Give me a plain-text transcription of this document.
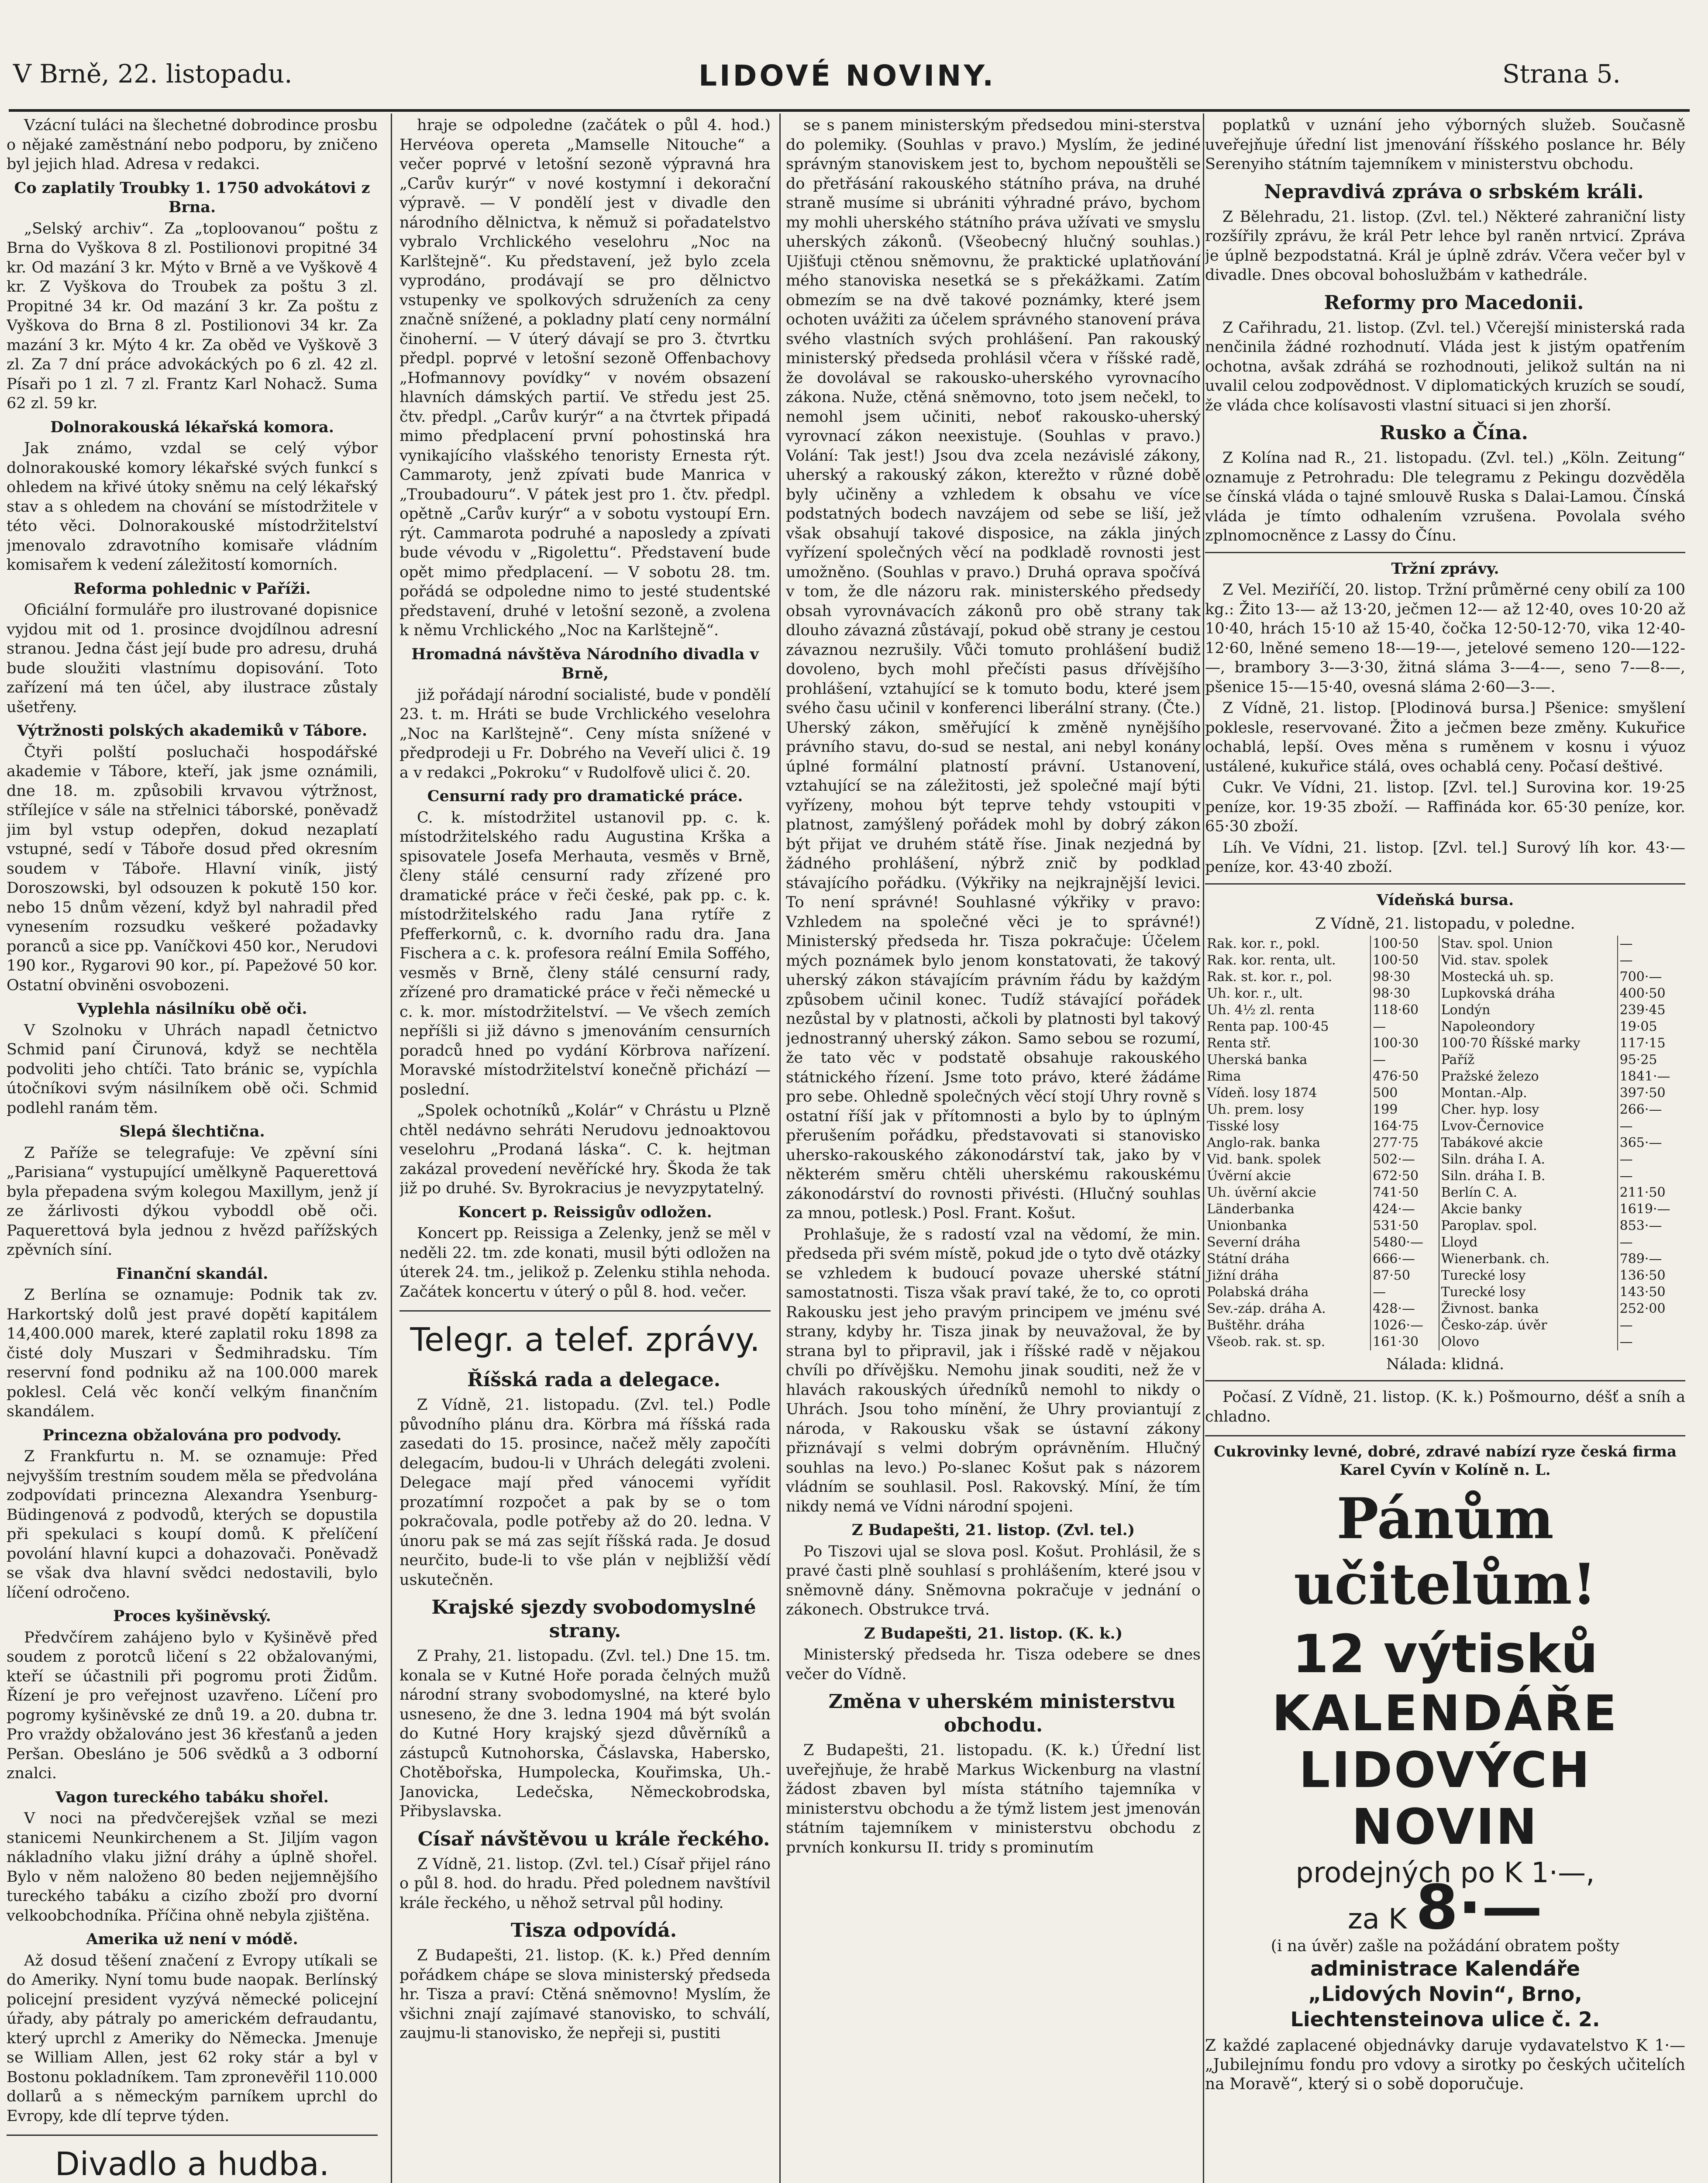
V Brně, 22. listopadu.	LIDOVÉ NOVINY.	Strana 5.

Vzácní tuláci na šlechetné dobrodince prosbu o nějaké zaměstnání nebo podporu, by zničeno byl jejich hlad. Adresa v redakci.

Co zaplatily Troubky 1. 1750 advokátovi z Brna.

„Selský archiv“. Za „toploovanou“ poštu z Brna do Vyškova 8 zl. Postilionovi propitné 34 kr. Od mazání 3 kr. Mýto v Brně a ve Vyškově 4 kr. Z Vyškova do Troubek za poštu 3 zl. Propitné 34 kr. Od mazání 3 kr. Za poštu z Vyškova do Brna 8 zl. Postilionovi 34 kr. Za mazání 3 kr. Mýto 4 kr. Za oběd ve Vyškově 3 zl. Za 7 dní práce advokáckých po 6 zl. 42 zl. Písaři po 1 zl. 7 zl. Frantz Karl Nohacž. Suma 62 zl. 59 kr.

Dolnorakouská lékařská komora.

Jak známo, vzdal se celý výbor dolnorakouské komory lékařské svých funkcí s ohledem na křivé útoky sněmu na celý lékařský stav a s ohledem na chování se místodržitele v této věci. Dolnorakouské místodržitelství jmenovalo zdravotního komisaře vládním komisařem k vedení záležitostí komorních.

Reforma pohlednic v Paříži.

Oficiální formuláře pro ilustrované dopisnice vyjdou mit od 1. prosince dvojdílnou adresní stranou. Jedna část její bude pro adresu, druhá bude sloužiti vlastnímu dopisování. Toto zařízení má ten účel, aby ilustrace zůstaly ušetřeny.

Výtržnosti polských akademiků v Tábore.

Čtyři polští posluchači hospodářské akademie v Tábore, kteří, jak jsme oznámili, dne 18. m. způsobili krvavou výtržnost, střílejíce v sále na střelnici táborské, poněvadž jim byl vstup odepřen, dokud nezaplatí vstupné, sedí v Táboře dosud před okresním soudem v Táboře. Hlavní viník, jistý Doroszowski, byl odsouzen k pokutě 150 kor. nebo 15 dnům vězení, když byl nahradil před vynesením rozsudku veškeré požadavky poranců a sice pp. Vaníčkovi 450 kor., Nerudovi 190 kor., Rygarovi 90 kor., pí. Papežové 50 kor. Ostatní obviněni osvobozeni.

Vyplehla násilníku obě oči.

V Szolnoku v Uhrách napadl četnictvo Schmid paní Čirunová, když se nechtěla podvoliti jeho chtíči. Tato bránic se, vypíchla útočníkovi svým násilníkem obě oči. Schmid podlehl ranám těm.

Slepá šlechtična.

Z Paříže se telegrafuje: Ve zpěvní síni „Parisiana“ vystupující umělkyně Paquerettová byla přepadena svým kolegou Maxillym, jenž jí ze žárlivosti dýkou vyboddl obě oči. Paquerettová byla jednou z hvězd pařížských zpěvních síní.

Finanční skandál.

Z Berlína se oznamuje: Podnik tak zv. Harkortský dolů jest pravé dopětí kapitálem 14,400.000 marek, které zaplatil roku 1898 za čisté doly Muszari v Šedmihradsku. Tím reservní fond podniku až na 100.000 marek poklesl. Celá věc končí velkým finančním skandálem.

Princezna obžalována pro podvody.

Z Frankfurtu n. M. se oznamuje: Před nejvyšším trestním soudem měla se předvolána zodpovídati princezna Alexandra Ysenburg-Büdingenová z podvodů, kterých se dopustila při spekulaci s koupí domů. K přelíčení povolání hlavní kupci a dohazovači. Poněvadž se však dva hlavní svědci nedostavili, bylo líčení odročeno.

Proces kyšiněvský.

Předvčírem zahájeno bylo v Kyšiněvě před soudem z porotců ličení s 22 obžalovanými, kteří se účastnili při pogromu proti Židům. Řízení je pro veřejnost uzavřeno. Líčení pro pogromy kyšiněvské ze dnů 19. a 20. dubna tr. Pro vraždy obžalováno jest 36 křesťanů a jeden Peršan. Obesláno je 506 svědků a 3 odborní znalci.

Vagon tureckého tabáku shořel.

V noci na předvčerejšek vzňal se mezi stanicemi Neunkirchenem a St. Jiljím vagon nákladního vlaku jižní dráhy a úplně shořel. Bylo v něm naloženo 80 beden nejjemnějšího tureckého tabáku a cizího zboží pro dvorní velkoobchodníka. Příčina ohně nebyla zjištěna.

Amerika už není v módě.

Až dosud těšení značení z Evropy utíkali se do Ameriky. Nyní tomu bude naopak. Berlínský policejní president vyzývá německé policejní úřady, aby pátraly po americkém defraudantu, který uprchl z Ameriky do Německa. Jmenuje se William Allen, jest 62 roky stár a byl v Bostonu pokladníkem. Tam zpronevěřil 110.000 dollarů a s německým parníkem uprchl do Evropy, kde dlí teprve týden.

Divadlo a hudba.

hraje se odpoledne (začátek o půl 4. hod.) Hervéova opereta „Mamselle Nitouche“ a večer poprvé v letošní sezoně výpravná hra „Carův kurýr“ v nové kostymní i dekorační výpravě. — V pondělí jest v divadle den národního dělnictva, k němuž si pořadatelstvo vybralo Vrchlického veselohru „Noc na Karlštejně“. Ku představení, jež bylo zcela vyprodáno, prodávají se pro dělnictvo vstupenky ve spolkových sdruženích za ceny značně snížené, a pokladny platí ceny normální činoherní. — V úterý dávají se pro 3. čtvrtku předpl. poprvé v letošní sezoně Offenbachovy „Hofmannovy povídky“ v novém obsazení hlavních dámských partií. Ve středu jest 25. čtv. předpl. „Carův kurýr“ a na čtvrtek připadá mimo předplacení první pohostinská hra vynikajícího vlašského tenoristy Ernesta rýt. Cammaroty, jenž zpívati bude Manrica v „Troubadouru“. V pátek jest pro 1. čtv. předpl. opětně „Carův kurýr“ a v sobotu vystoupí Ern. rýt. Cammarota podruhé a naposledy a zpívati bude vévodu v „Rigolettu“. Představení bude opět mimo předplacení. — V sobotu 28. tm. pořádá se odpoledne nimo to jesté studentské představení, druhé v letošní sezoně, a zvolena k němu Vrchlického „Noc na Karlštejně“.

Hromadná návštěva Národního divadla v Brně,

již pořádají národní socialisté, bude v pondělí 23. t. m. Hráti se bude Vrchlického veselohra „Noc na Karlštejně“. Ceny místa snížené v předprodeji u Fr. Dobrého na Veveří ulici č. 19 a v redakci „Pokroku“ v Rudolfově ulici č. 20.

Censurní rady pro dramatické práce.

C. k. místodržitel ustanovil pp. c. k. místodržitelského radu Augustina Krška a spisovatele Josefa Merhauta, vesměs v Brně, členy stálé censurní rady zřízené pro dramatické práce v řeči české, pak pp. c. k. místodržitelského radu Jana rytíře z Pfefferkornů, c. k. dvorního radu dra. Jana Fischera a c. k. profesora reální Emila Soffého, vesměs v Brně, členy stálé censurní rady, zřízené pro dramatické práce v řeči německé u c. k. mor. místodržitelství. — Ve všech zemích nepříšli si již dávno s jmenováním censurních poradců hned po vydání Körbrova nařízení. Moravské místodržitelství konečně přichází — poslední.

„Spolek ochotníků „Kolár“ v Chrástu u Plzně chtěl nedávno sehráti Nerudovu jednoaktovou veselohru „Prodaná láska“. C. k. hejtman zakázal provedení nevěřícké hry. Škoda že tak již po druhé. Sv. Byrokracius je nevyzpytatelný.

Koncert p. Reissigův odložen.

Koncert pp. Reissiga a Zelenky, jenž se měl v neděli 22. tm. zde konati, musil býti odložen na úterek 24. tm., jelikož p. Zelenku stihla nehoda. Začátek koncertu v úterý o půl 8. hod. večer.

Telegr. a telef. zprávy.

Říšská rada a delegace.

Z Vídně, 21. listopadu. (Zvl. tel.) Podle původního plánu dra. Körbra má říšská rada zasedati do 15. prosince, načež měly započíti delegacím, budou-li v Uhrách delegáti zvoleni. Delegace mají před vánocemi vyřídit prozatímní rozpočet a pak by se o tom pokračovala, podle potřeby až do 20. ledna. V únoru pak se má zas sejít říšská rada. Je dosud neurčito, bude-li to vše plán v nejbližší vědí uskutečněn.

Krajské sjezdy svobodomyslné strany.

Z Prahy, 21. listopadu. (Zvl. tel.) Dne 15. tm. konala se v Kutné Hoře porada čelných mužů národní strany svobodomyslné, na které bylo usneseno, že dne 3. ledna 1904 má být svolán do Kutné Hory krajský sjezd důvěrníků a zástupců Kutnohorska, Čáslavska, Habersko, Chotěbořska, Humpolecka, Kouřimska, Uh.-Janovicka, Ledečska, Německobrodska, Přibyslavska.

Císař návštěvou u krále řeckého.

Z Vídně, 21. listop. (Zvl. tel.) Císař přijel ráno o půl 8. hod. do hradu. Před polednem navštívil krále řeckého, u něhož setrval půl hodiny.

Tisza odpovídá.

Z Budapešti, 21. listop. (K. k.) Před denním pořádkem chápe se slova ministerský předseda hr. Tisza a praví: Ctěná sněmovno! Myslím, že všichni znají zajímavé stanovisko, to schválí, zaujmu-li stanovisko, že nepřeji si, pustiti

se s panem ministerským předsedou mini-sterstva do polemiky. (Souhlas v pravo.) Myslím, že jediné správným stanoviskem jest to, bychom nepouštěli se do přetřásání rakouského státního práva, na druhé straně musíme si ubrániti výhradné právo, bychom my mohli uherského státního práva užívati ve smyslu uherských zákonů. (Všeobecný hlučný souhlas.) Ujišťuji ctěnou sněmovnu, že praktické uplatňování mého stanoviska nesetká se s překážkami. Zatím obmezím se na dvě takové poznámky, které jsem ochoten uvážiti za účelem správného stanovení práva svého vlastních svých prohlášení. Pan rakouský ministerský předseda prohlásil včera v říšské radě, že dovolával se rakousko-uherského vyrovnacího zákona. Nuže, ctěná sněmovno, toto jsem nečekl, to nemohl jsem učiniti, neboť rakousko-uherský vyrovnací zákon neexistuje. (Souhlas v pravo.) Volání: Tak jest!) Jsou dva zcela nezávislé zákony, uherský a rakouský zákon, kterežto v různé době byly učiněny a vzhledem k obsahu ve více podstatných bodech navzájem od sebe se liší, jež však obsahují takové disposice, na zákla jiných vyřízení společných věcí na podkladě rovnosti jest umožněno. (Souhlas v pravo.) Druhá oprava spočívá v tom, že dle názoru rak. ministerského předsedy obsah vyrovnávacích zákonů pro obě strany tak dlouho závazná zůstávají, pokud obě strany je cestou závaznou nezrušily. Vůči tomuto prohlášení budiž dovoleno, bych mohl přečísti pasus dřívějšího prohlášení, vztahující se k tomuto bodu, které jsem svého času učinil v konferenci liberální strany. (Čte.) Uherský zákon, směřující k změně nynějšího právního stavu, do-sud se nestal, ani nebyl konány úplné formální platností právní. Ustanovení, vztahující se na záležitosti, jež společné mají býti vyřízeny, mohou být teprve tehdy vstoupiti v platnost, zamýšlený pořádek mohl by dobrý zákon být přijat ve druhém státě říse. Jinak nezjedná by žádného prohlášení, nýbrž znič by podklad stávajícího pořádku. (Výkřiky na nejkrajnější levici. To není správné! Souhlasné výkřiky v pravo: Vzhledem na společné věci je to správné!) Ministerský předseda hr. Tisza pokračuje: Účelem mých poznámek bylo jenom konstatovati, že takový uherský zákon stávajícím právním řádu by každým způsobem učinil konec. Tudíž stávající pořádek nezůstal by v platnosti, ačkoli by platnosti byl takový jednostranný uherský zákon. Samo sebou se rozumí, že tato věc v podstatě obsahuje rakouského státnického řízení. Jsme toto právo, které žádáme pro sebe. Ohledně společných věcí stojí Uhry rovně s ostatní říší jak v přítomnosti a bylo by to úplným přerušením pořádku, představovati si stanovisko uhersko-rakouského zákonodárství tak, jako by v některém směru chtěli uherskému rakouskému zákonodárství do rovnosti přivésti. (Hlučný souhlas za mnou, potlesk.) Posl. Frant. Košut.

Prohlašuje, že s radostí vzal na vědomí, že min. předseda při svém místě, pokud jde o tyto dvě otázky se vzhledem k budoucí povaze uherské státní samostatnosti. Tisza však praví také, že to, co oproti Rakousku jest jeho pravým principem ve jménu své strany, kdyby hr. Tisza jinak by neuvažoval, že by strana byl to připravil, jak i říšské radě v nějakou chvíli po dřívějšku. Nemohu jinak souditi, než že v hlavách rakouských úředníků nemohl to nikdy o Uhrách. Jsou toho mínění, že Uhry proviantují z národa, v Rakousku však se ústavní zákony přiznávají s velmi dobrým oprávněním. Hlučný souhlas na levo.) Po-slanec Košut pak s názorem vládním se souhlasil. Posl. Rakovský. Míní, že tím nikdy nemá ve Vídni národní spojeni.

Z Budapešti, 21. listop. (Zvl. tel.)

Po Tiszovi ujal se slova posl. Košut. Prohlásil, že s pravé časti plně souhlasí s prohlášením, které jsou v sněmovně dány. Sněmovna pokračuje v jednání o zákonech. Obstrukce trvá.

Z Budapešti, 21. listop. (K. k.)

Ministerský předseda hr. Tisza odebere se dnes večer do Vídně.

Změna v uherském ministerstvu obchodu.

Z Budapešti, 21. listopadu. (K. k.) Úřední list uveřejňuje, že hrabě Markus Wickenburg na vlastní žádost zbaven byl místa státního tajemníka v ministerstvu obchodu a že týmž listem jest jmenován státním tajemníkem v ministerstvu obchodu z prvních konkursu II. tridy s prominutím

poplatků v uznání jeho výborných služeb. Současně uveřejňuje úřední list jmenování říšského poslance hr. Bély Serenyiho státním tajemníkem v ministerstvu obchodu.

Nepravdivá zpráva o srbském králi.

Z Bělehradu, 21. listop. (Zvl. tel.) Některé zahraniční listy rozšířily zprávu, že král Petr lehce byl raněn nrtvicí. Zpráva je úplně bezpodstatná. Král je úplně zdráv. Včera večer byl v divadle. Dnes obcoval bohoslužbám v kathedrále.

Reformy pro Macedonii.

Z Cařihradu, 21. listop. (Zvl. tel.) Včerejší ministerská rada nenčinila žádné rozhodnutí. Vláda jest k jistým opatřením ochotna, avšak zdráhá se rozhodnouti, jelikož sultán na ni uvalil celou zodpovědnost. V diplomatických kruzích se soudí, že vláda chce kolísavosti vlastní situaci si jen zhorší.

Rusko a Čína.

Z Kolína nad R., 21. listopadu. (Zvl. tel.) „Köln. Zeitung“ oznamuje z Petrohradu: Dle telegramu z Pekingu dozvěděla se čínská vláda o tajné smlouvě Ruska s Dalai-Lamou. Čínská vláda je tímto odhalením vzrušena. Povolala svého zplnomocněnce z Lassy do Čínu.

Tržní zprávy.

Z Vel. Meziříčí, 20. listop. Tržní průměrné ceny obilí za 100 kg.: Žito 13-— až 13·20, ječmen 12-— až 12·40, oves 10·20 až 10·40, hrách 15·10 až 15·40, čočka 12·50-12·70, vika 12·40-12·60, lněné semeno 18-—19-—, jetelové semeno 120-—122-—, brambory 3-—3·30, žitná sláma 3-—4-—, seno 7-—8-—, pšenice 15-—15·40, ovesná sláma 2·60—3-—.

Z Vídně, 21. listop. [Plodinová bursa.] Pšenice: smyšlení poklesle, reservované. Žito a ječmen beze změny. Kukuřice ochablá, lepší. Oves měna s ruměnem v kosnu i výuoz ustálené, kukuřice stálá, oves ochablá ceny. Počasí deštivé.

Cukr. Ve Vídni, 21. listop. [Zvl. tel.] Surovina kor. 19·25 peníze, kor. 19·35 zboží. — Raffináda kor. 65·30 peníze, kor. 65·30 zboží.

Líh. Ve Vídni, 21. listop. [Zvl. tel.] Surový líh kor. 43·— peníze, kor. 43·40 zboží.

Vídeňská bursa.

Z Vídně, 21. listopadu, v poledne.

Rak. kor. r., pokl.	100·50	Stav. spol. Union	—
Rak. kor. renta, ult.	100·50	Vid. stav. spolek	—
Rak. st. kor. r., pol.	98·30	Mostecká uh. sp.	700·—
Uh. kor. r., ult.	98·30	Lupkovská dráha	400·50
Uh. 4½ zl. renta	118·60	Londýn	239·45
Renta pap. 100·45	—	Napoleondory	19·05
Renta stř.	100·30	100·70 Říšské marky	117·15
Uherská banka	—	Paříž	95·25
Rima	476·50	Pražské železo	1841·—
Vídeň. losy 1874	500	Montan.-Alp.	397·50
Uh. prem. losy	199	Cher. hyp. losy	266·—
Tisské losy	164·75	Lvov-Černovice	—
Anglo-rak. banka	277·75	Tabákové akcie	365·—
Vid. bank. spolek	502·—	Siln. dráha I. A.	—
Úvěrní akcie	672·50	Siln. dráha I. B.	—
Uh. úvěrní akcie	741·50	Berlín C. A.	211·50
Länderbanka	424·—	Akcie banky	1619·—
Unionbanka	531·50	Paroplav. spol.	853·—
Severní dráha	5480·—	Lloyd	—
Státní dráha	666·—	Wienerbank. ch.	789·—
Jižní dráha	87·50	Turecké losy	136·50
Polabská dráha	—	Turecké losy	143·50
Sev.-záp. dráha A.	428·—	Živnost. banka	252·00
Buštěhr. dráha	1026·—	Česko-záp. úvěr	—
Všeob. rak. st. sp.	161·30	Olovo	—

Nálada: klidná.

Počasí. Z Vídně, 21. listop. (K. k.) Pošmourno, déšť a sníh a chladno.

Cukrovinky levné, dobré, zdravé nabízí ryze česká firma Karel Cyvín v Kolíně n. L.
Pánům učitelům!
12 výtisků
KALENDÁŘE
LIDOVÝCH
NOVIN
prodejných po K 1·—,
za K 8·—
(i na úvěr) zašle na požádání obratem pošty
administrace Kalendáře
„Lidových Novin“, Brno,
Liechtensteinova ulice č. 2.
Z každé zaplacené objednávky daruje vydavatelstvo K 1·— „Jubilejnímu fondu pro vdovy a sirotky po českých učitelích na Moravě“, který si o sobě doporučuje.
